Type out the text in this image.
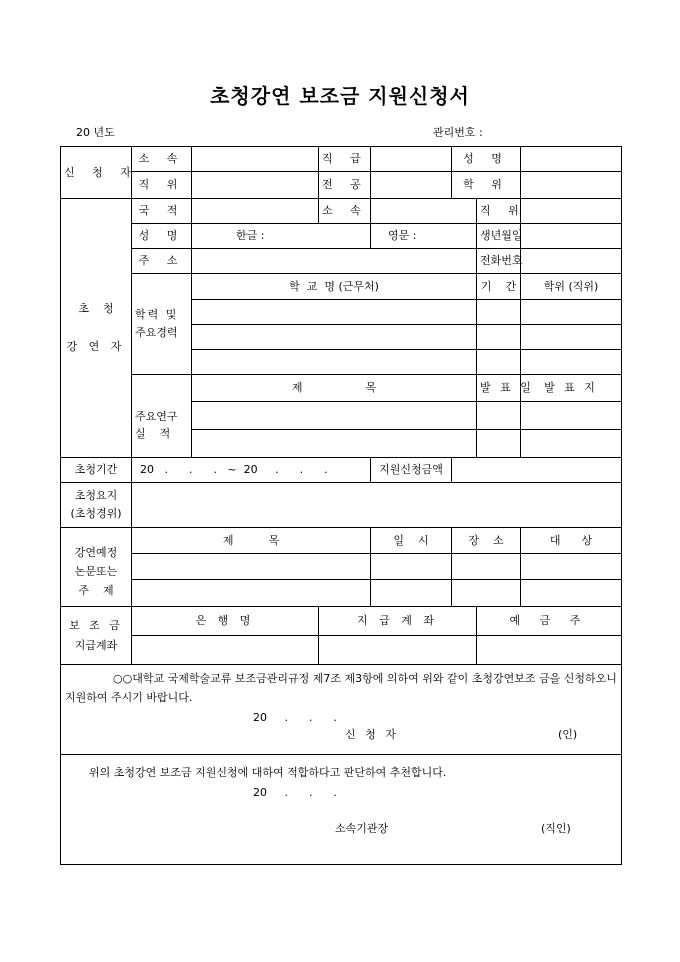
초청강연 보조금 지원신청서
20 년도	관리번호 :
신 청 자	소 속		직 급		성 명		
	직 위		전 공		학 위		

초    청
강 연 자	국 적		소 속			직 위	
	성 명	한글 :		영문 :		생년월일	
	주 소					전화번호	

	학력 및
주요경력	학  교  명 (근무처)				기    간	학위 (직위)

	주요연구
실    적	제                  목				발 표 일	발 표 지

초청기간	20   .      .      .   ~  20     .      .      .			지원신청금액			

초청요지
(초청경위)							

강연예정
논문또는
주    제	제          목			일    시	장    소		대      상

보 조 금
지급계좌	은 행 명		지 급 계 좌			예 금 주	

○○대학교 국제학술교류 보조금관리규정 제7조 제3항에 의하여 위와 같이 초청강연보조 금을 신청하오니 지원하여 주시기 바랍니다.
20     .      .      .
신 청 자 (인)							

위의 초청강연 보조금 지원신청에 대하여 적합하다고 판단하여 추천합니다.
20     .      .      .
소속기관장 (직인)							
